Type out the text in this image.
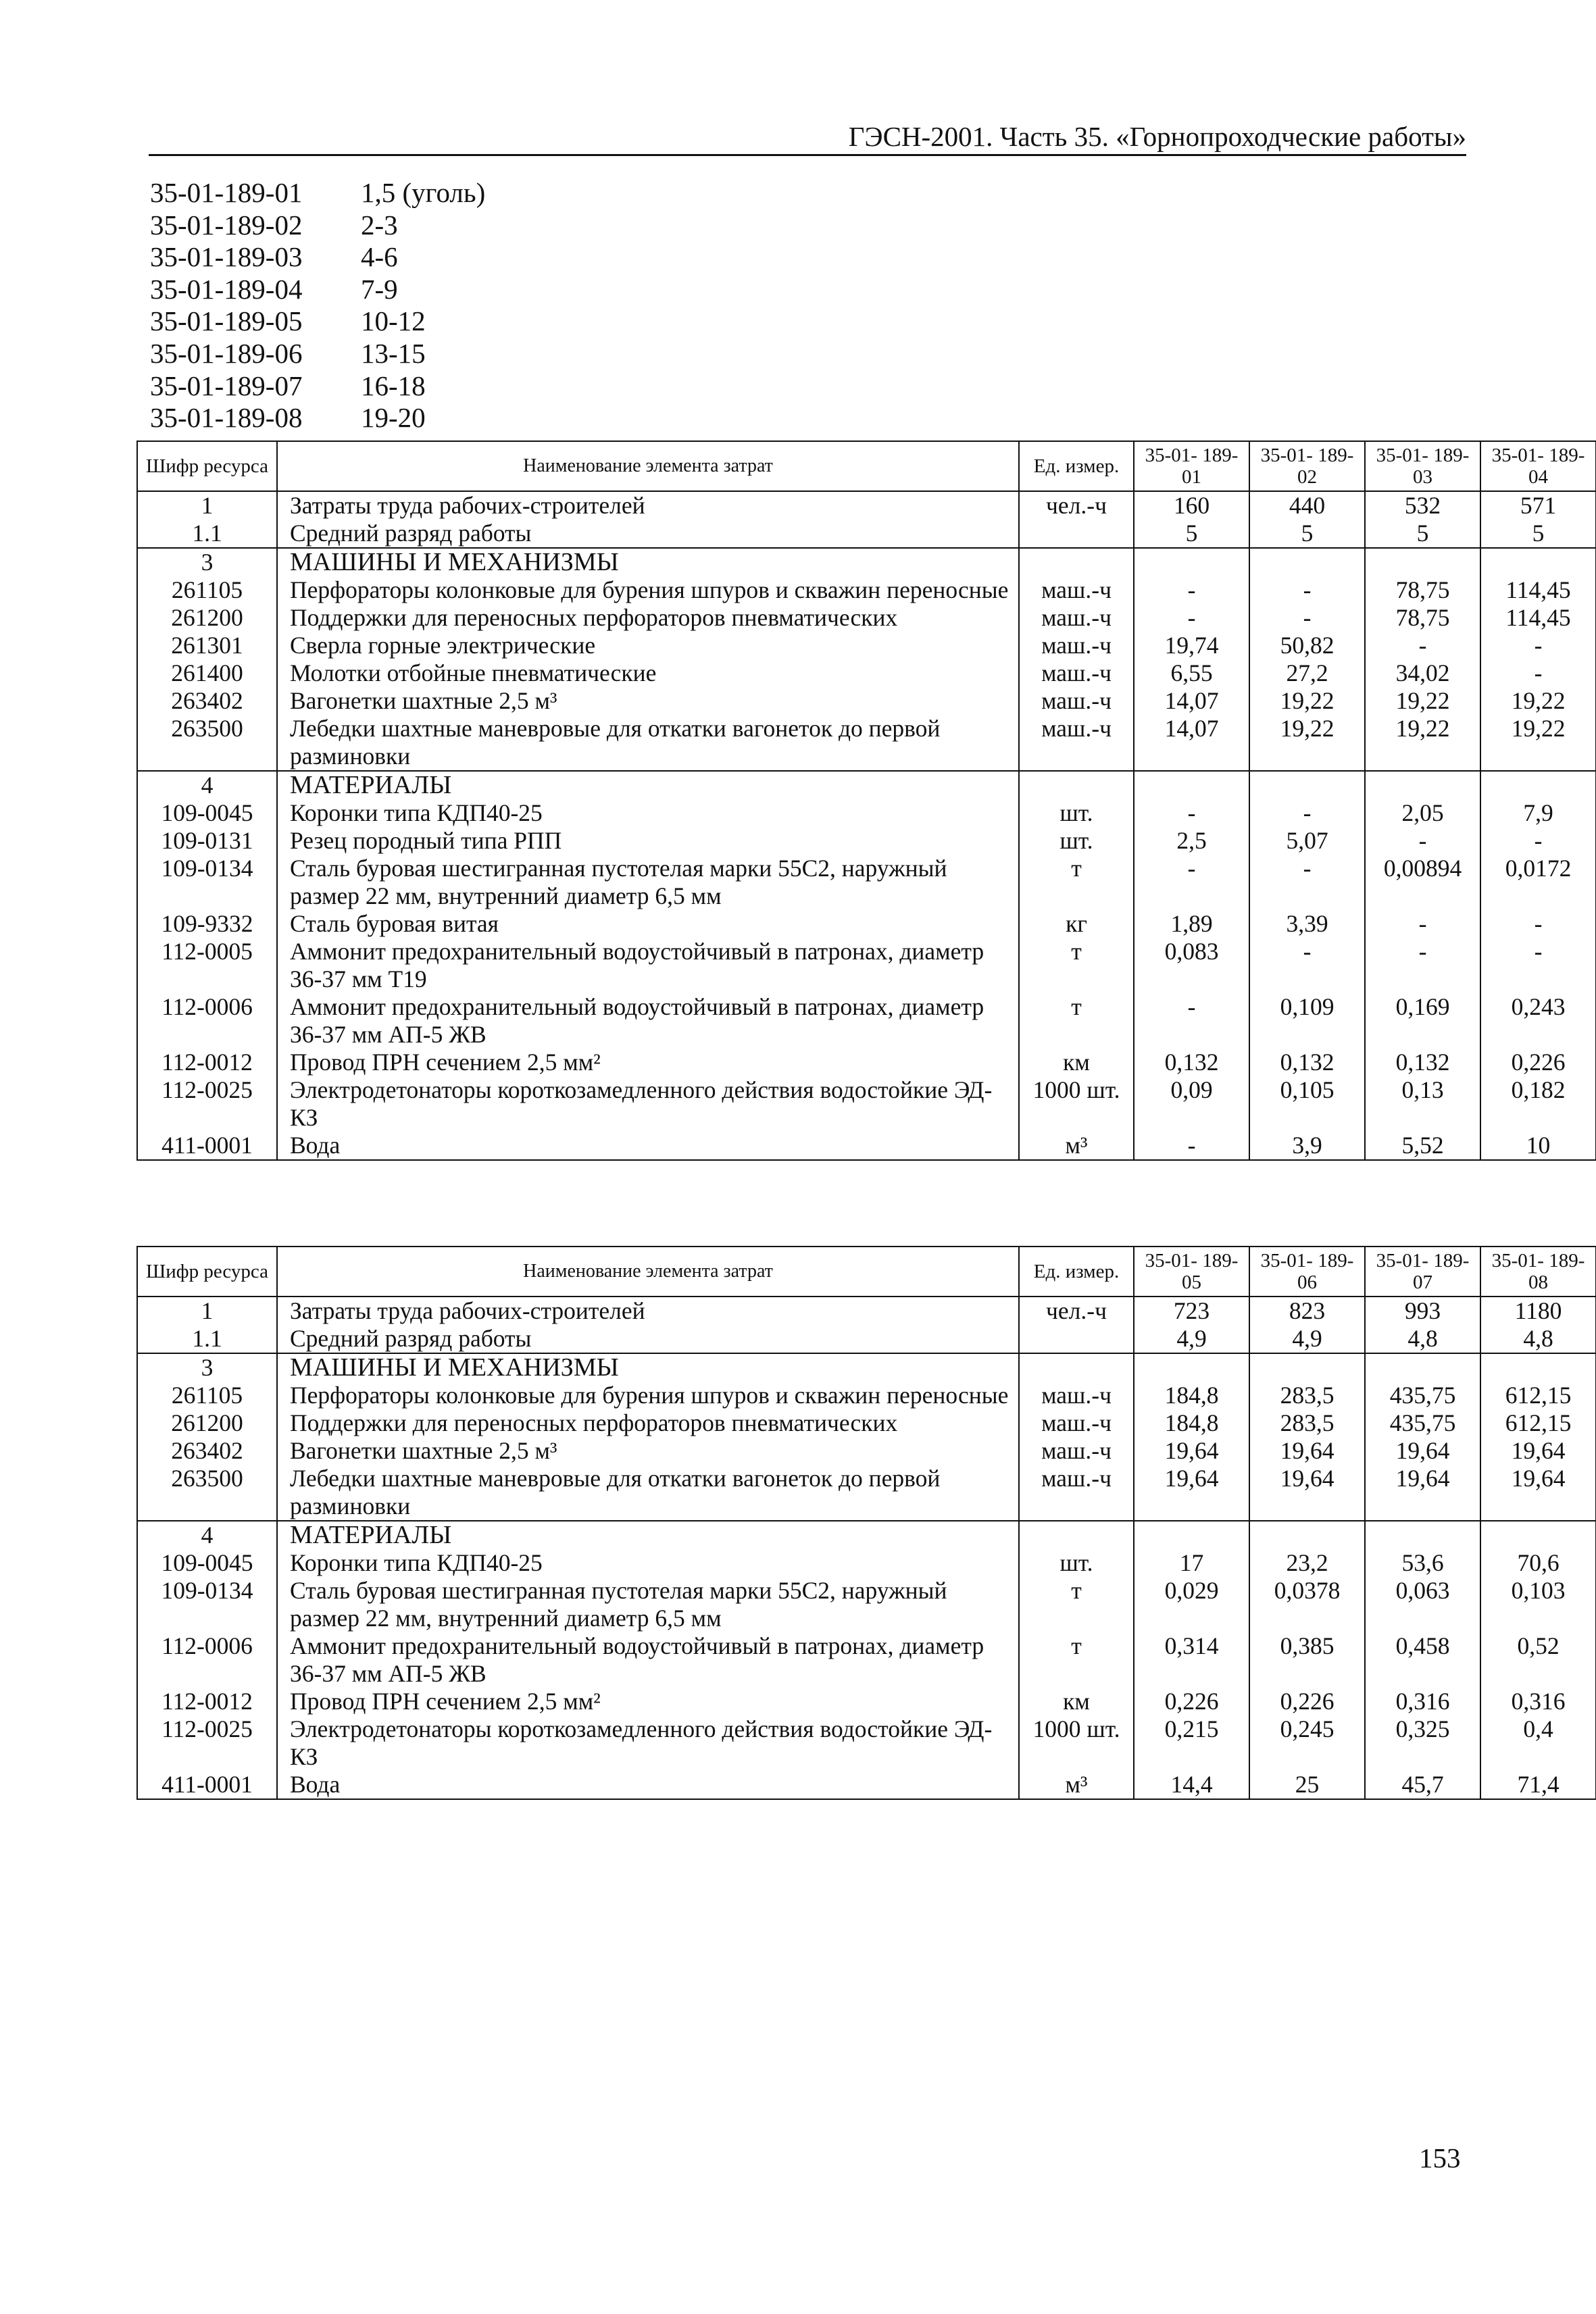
ГЭСН-2001. Часть 35. «Горнопроходческие работы»
35-01-189-01	1,5 (уголь)
35-01-189-02	2-3
35-01-189-03	4-6
35-01-189-04	7-9
35-01-189-05	10-12
35-01-189-06	13-15
35-01-189-07	16-18
35-01-189-08	19-20
Шифр ресурса	Наименование элемента затрат	Ед. измер.	35-01- 189-01	35-01- 189-02	35-01- 189-03	35-01- 189-04
1	Затраты труда рабочих-строителей	чел.-ч	160	440	532	571
1.1	Средний разряд работы		5	5	5	5
3	МАШИНЫ И МЕХАНИЗМЫ					
261105	Перфораторы колонковые для бурения шпуров и скважин переносные	маш.-ч	-	-	78,75	114,45
261200	Поддержки для переносных перфораторов пневматических	маш.-ч	-	-	78,75	114,45
261301	Сверла горные электрические	маш.-ч	19,74	50,82	-	-
261400	Молотки отбойные пневматические	маш.-ч	6,55	27,2	34,02	-
263402	Вагонетки шахтные 2,5 м³	маш.-ч	14,07	19,22	19,22	19,22
263500	Лебедки шахтные маневровые для откатки вагонеток до первой разминовки	маш.-ч	14,07	19,22	19,22	19,22
4	МАТЕРИАЛЫ					
109-0045	Коронки типа КДП40-25	шт.	-	-	2,05	7,9
109-0131	Резец породный типа РПП	шт.	2,5	5,07	-	-
109-0134	Сталь буровая шестигранная пустотелая марки 55С2, наружный размер 22 мм, внутренний диаметр 6,5 мм	т	-	-	0,00894	0,0172
109-9332	Сталь буровая витая	кг	1,89	3,39	-	-
112-0005	Аммонит предохранительный водоустойчивый в патронах, диаметр 36-37 мм Т19	т	0,083	-	-	-
112-0006	Аммонит предохранительный водоустойчивый в патронах, диаметр 36-37 мм АП-5 ЖВ	т	-	0,109	0,169	0,243
112-0012	Провод ПРН сечением 2,5 мм²	км	0,132	0,132	0,132	0,226
112-0025	Электродетонаторы короткозамедленного действия водостойкие ЭД-КЗ	1000 шт.	0,09	0,105	0,13	0,182
411-0001	Вода	м³	-	3,9	5,52	10
Шифр ресурса	Наименование элемента затрат	Ед. измер.	35-01- 189-05	35-01- 189-06	35-01- 189-07	35-01- 189-08
1	Затраты труда рабочих-строителей	чел.-ч	723	823	993	1180
1.1	Средний разряд работы		4,9	4,9	4,8	4,8
3	МАШИНЫ И МЕХАНИЗМЫ					
261105	Перфораторы колонковые для бурения шпуров и скважин переносные	маш.-ч	184,8	283,5	435,75	612,15
261200	Поддержки для переносных перфораторов пневматических	маш.-ч	184,8	283,5	435,75	612,15
263402	Вагонетки шахтные 2,5 м³	маш.-ч	19,64	19,64	19,64	19,64
263500	Лебедки шахтные маневровые для откатки вагонеток до первой разминовки	маш.-ч	19,64	19,64	19,64	19,64
4	МАТЕРИАЛЫ					
109-0045	Коронки типа КДП40-25	шт.	17	23,2	53,6	70,6
109-0134	Сталь буровая шестигранная пустотелая марки 55С2, наружный размер 22 мм, внутренний диаметр 6,5 мм	т	0,029	0,0378	0,063	0,103
112-0006	Аммонит предохранительный водоустойчивый в патронах, диаметр 36-37 мм АП-5 ЖВ	т	0,314	0,385	0,458	0,52
112-0012	Провод ПРН сечением 2,5 мм²	км	0,226	0,226	0,316	0,316
112-0025	Электродетонаторы короткозамедленного действия водостойкие ЭД-КЗ	1000 шт.	0,215	0,245	0,325	0,4
411-0001	Вода	м³	14,4	25	45,7	71,4
153
